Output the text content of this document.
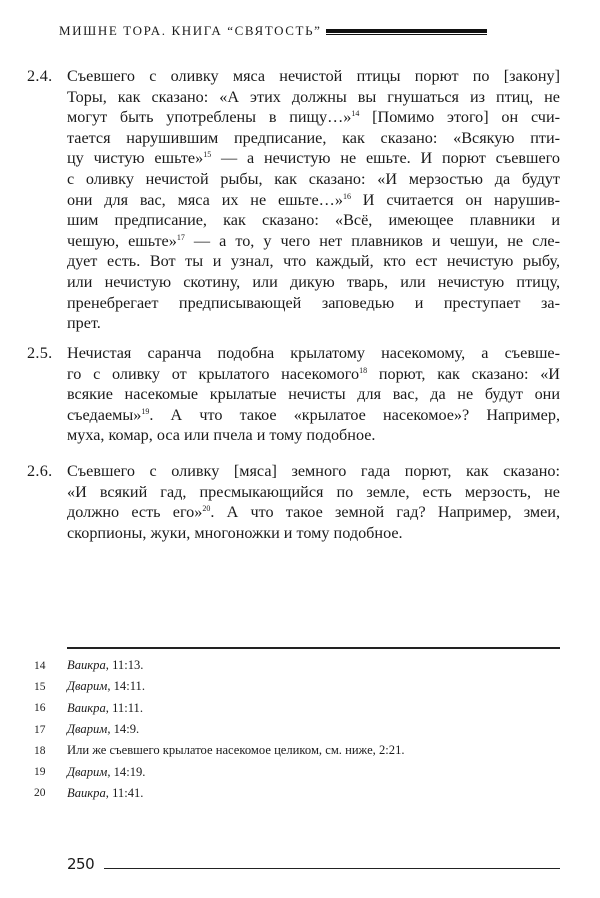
МИШНЕ ТОРА. КНИГА “СВЯТОСТЬ”
2.4. Съевшего с оливку мяса нечистой птицы порют по [закону]
Торы, как сказано: «А этих должны вы гнушаться из птиц, не
могут быть употреблены в пищу…»$^{14}$ [Помимо этого] он счи-
тается нарушившим предписание, как сказано: «Всякую пти-
цу чистую ешьте»$^{15}$ — а нечистую не ешьте. И порют съевшего
с оливку нечистой рыбы, как сказано: «И мерзостью да будут
они для вас, мяса их не ешьте…»$^{16}$ И считается он нарушив-
шим предписание, как сказано: «Всё, имеющее плавники и
чешую, ешьте»$^{17}$ — а то, у чего нет плавников и чешуи, не сле-
дует есть. Вот ты и узнал, что каждый, кто ест нечистую рыбу,
или нечистую скотину, или дикую тварь, или нечистую птицу,
пренебрегает предписывающей заповедью и преступает за-
прет.
2.5. Нечистая саранча подобна крылатому насекомому, а съевше-
го с оливку от крылатого насекомого$^{18}$ порют, как сказано: «И
всякие насекомые крылатые нечисты для вас, да не будут они
съедаемы»$^{19}$. А что такое «крылатое насекомое»? Например,
муха, комар, оса или пчела и тому подобное.
2.6. Съевшего с оливку [мяса] земного гада порют, как сказано:
«И всякий гад, пресмыкающийся по земле, есть мерзость, не
должно есть его»$^{20}$. А что такое земной гад? Например, змеи,
скорпионы, жуки, многоножки и тому подобное.
14	Ваикра, 11:13.
15	Дварим, 14:11.
16	Ваикра, 11:11.
17	Дварим, 14:9.
18	Или же съевшего крылатое насекомое целиком, см. ниже, 2:21.
19	Дварим, 14:19.
20	Ваикра, 11:41.
250
